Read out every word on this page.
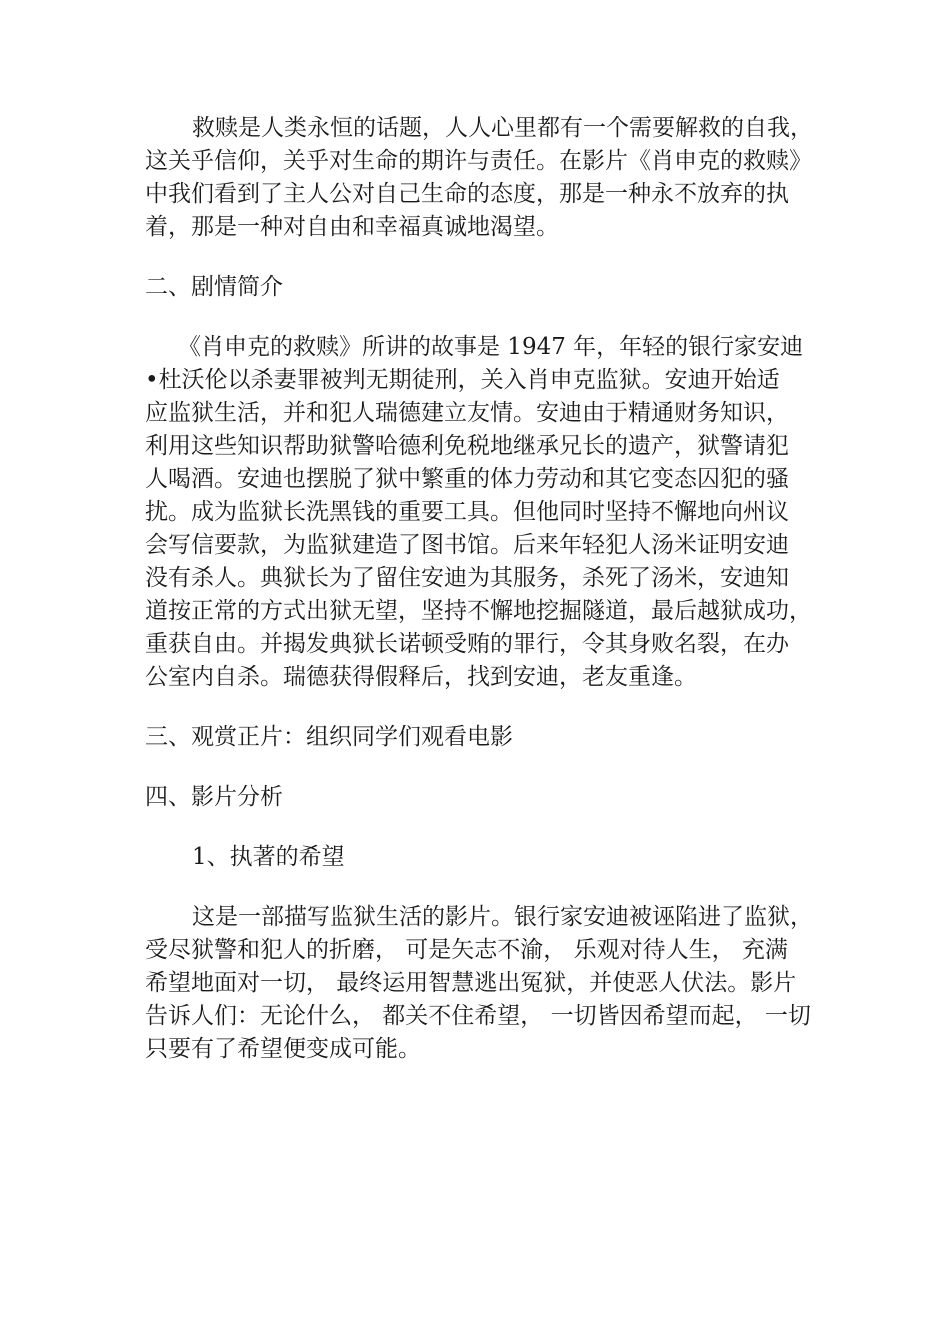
救赎是人类永恒的话题，人人心里都有一个需要解救的自我，
这关乎信仰，关乎对生命的期许与责任。在影片《肖申克的救赎》
中我们看到了主人公对自己生命的态度，那是一种永不放弃的执
着，那是一种对自由和幸福真诚地渴望。
二、剧情简介
《肖申克的救赎》所讲的故事是 1947 年，年轻的银行家安迪
•杜沃伦以杀妻罪被判无期徒刑，关入肖申克监狱。安迪开始适
应监狱生活，并和犯人瑞德建立友情。安迪由于精通财务知识，
利用这些知识帮助狱警哈德利免税地继承兄长的遗产，狱警请犯
人喝酒。安迪也摆脱了狱中繁重的体力劳动和其它变态囚犯的骚
扰。成为监狱长洗黑钱的重要工具。但他同时坚持不懈地向州议
会写信要款，为监狱建造了图书馆。后来年轻犯人汤米证明安迪
没有杀人。典狱长为了留住安迪为其服务，杀死了汤米，安迪知
道按正常的方式出狱无望，坚持不懈地挖掘隧道，最后越狱成功，
重获自由。并揭发典狱长诺顿受贿的罪行，令其身败名裂，在办
公室内自杀。瑞德获得假释后，找到安迪，老友重逢。
三、观赏正片：组织同学们观看电影
四、影片分析
1、执著的希望
这是一部描写监狱生活的影片。银行家安迪被诬陷进了监狱，
受尽狱警和犯人的折磨， 可是矢志不渝， 乐观对待人生， 充满
希望地面对一切， 最终运用智慧逃出冤狱，并使恶人伏法。影片
告诉人们：无论什么， 都关不住希望， 一切皆因希望而起， 一切
只要有了希望便变成可能。
